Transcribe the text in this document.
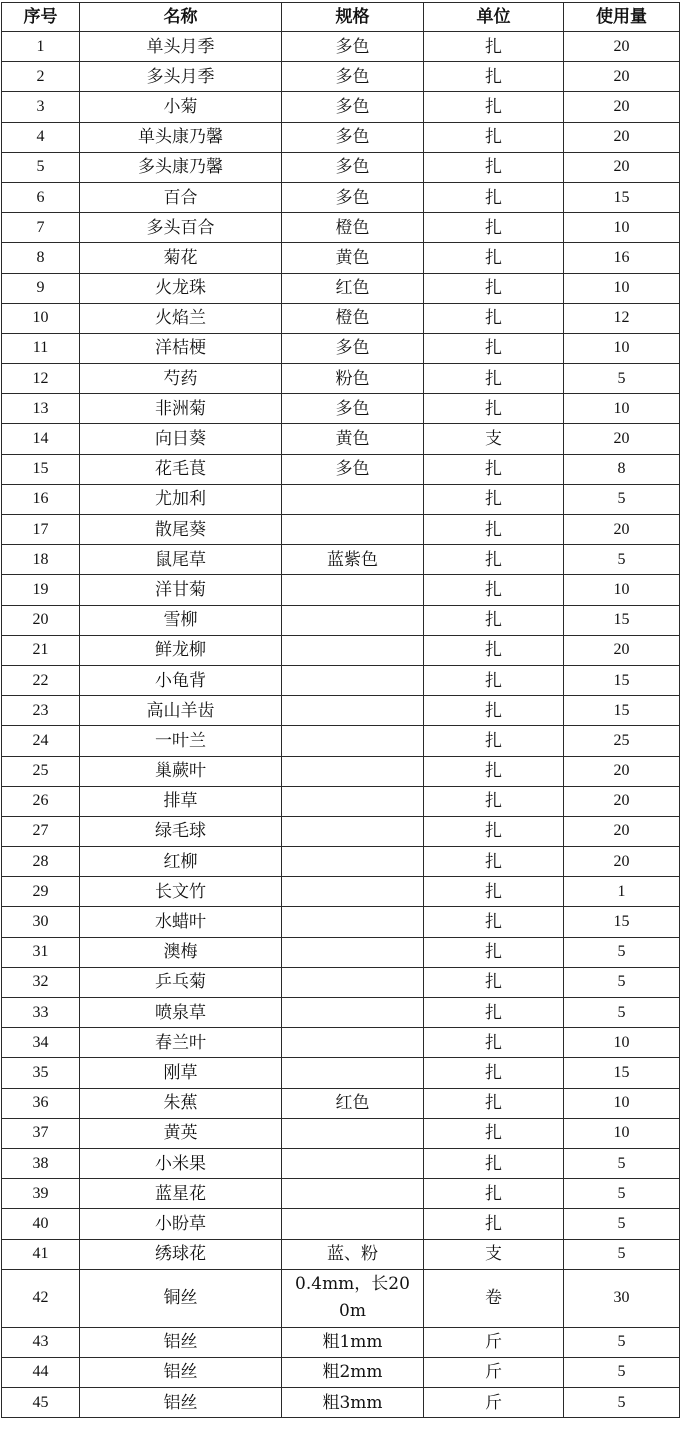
序号	名称	规格	单位	使用量
1	单头月季	多色	扎	20
2	多头月季	多色	扎	20
3	小菊	多色	扎	20
4	单头康乃馨	多色	扎	20
5	多头康乃馨	多色	扎	20
6	百合	多色	扎	15
7	多头百合	橙色	扎	10
8	菊花	黄色	扎	16
9	火龙珠	红色	扎	10
10	火焰兰	橙色	扎	12
11	洋桔梗	多色	扎	10
12	芍药	粉色	扎	5
13	非洲菊	多色	扎	10
14	向日葵	黄色	支	20
15	花毛茛	多色	扎	8
16	尤加利		扎	5
17	散尾葵		扎	20
18	鼠尾草	蓝紫色	扎	5
19	洋甘菊		扎	10
20	雪柳		扎	15
21	鲜龙柳		扎	20
22	小龟背		扎	15
23	高山羊齿		扎	15
24	一叶兰		扎	25
25	巢蕨叶		扎	20
26	排草		扎	20
27	绿毛球		扎	20
28	红柳		扎	20
29	长文竹		扎	1
30	水蜡叶		扎	15
31	澳梅		扎	5
32	乒乓菊		扎	5
33	喷泉草		扎	5
34	春兰叶		扎	10
35	刚草		扎	15
36	朱蕉	红色	扎	10
37	黄英		扎	10
38	小米果		扎	5
39	蓝星花		扎	5
40	小盼草		扎	5
41	绣球花	蓝、粉	支	5
42	铜丝	0.4mm，长200m	卷	30
43	铝丝	粗1mm	斤	5
44	铝丝	粗2mm	斤	5
45	铝丝	粗3mm	斤	5
